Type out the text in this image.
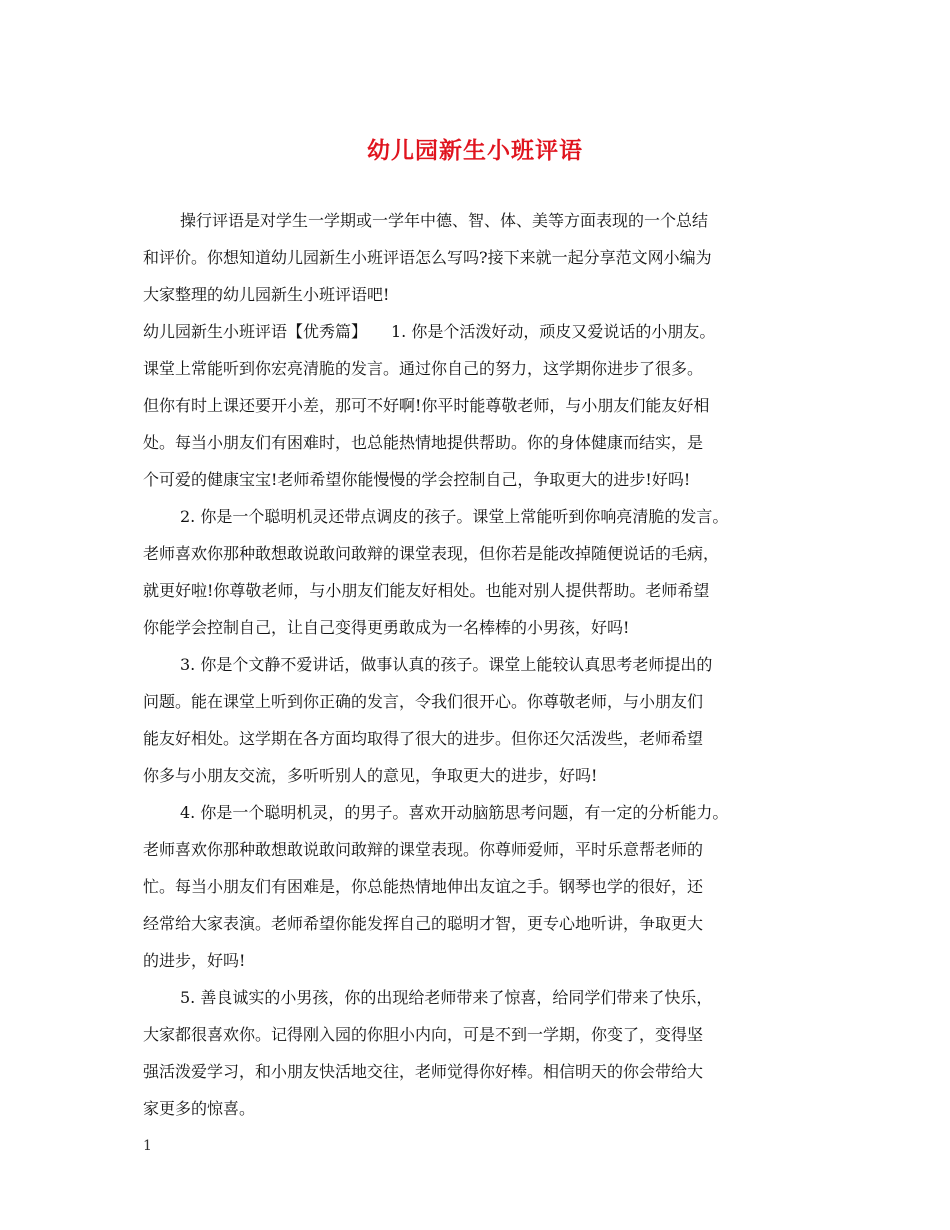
幼儿园新生小班评语
操行评语是对学生一学期或一学年中德、智、体、美等方面表现的一个总结
和评价。你想知道幼儿园新生小班评语怎么写吗?接下来就一起分享范文网小编为
大家整理的幼儿园新生小班评语吧!
幼儿园新生小班评语【优秀篇】　　1. 你是个活泼好动，顽皮又爱说话的小朋友。
课堂上常能听到你宏亮清脆的发言。通过你自己的努力，这学期你进步了很多。
但你有时上课还要开小差，那可不好啊!你平时能尊敬老师，与小朋友们能友好相
处。每当小朋友们有困难时，也总能热情地提供帮助。你的身体健康而结实，是
个可爱的健康宝宝!老师希望你能慢慢的学会控制自己，争取更大的进步!好吗!
2. 你是一个聪明机灵还带点调皮的孩子。课堂上常能听到你响亮清脆的发言。
老师喜欢你那种敢想敢说敢问敢辩的课堂表现，但你若是能改掉随便说话的毛病，
就更好啦!你尊敬老师，与小朋友们能友好相处。也能对别人提供帮助。老师希望
你能学会控制自己，让自己变得更勇敢成为一名棒棒的小男孩，好吗!
3. 你是个文静不爱讲话，做事认真的孩子。课堂上能较认真思考老师提出的
问题。能在课堂上听到你正确的发言，令我们很开心。你尊敬老师，与小朋友们
能友好相处。这学期在各方面均取得了很大的进步。但你还欠活泼些，老师希望
你多与小朋友交流，多听听别人的意见，争取更大的进步，好吗!
4. 你是一个聪明机灵，的男子。喜欢开动脑筋思考问题，有一定的分析能力。
老师喜欢你那种敢想敢说敢问敢辩的课堂表现。你尊师爱师，平时乐意帮老师的
忙。每当小朋友们有困难是，你总能热情地伸出友谊之手。钢琴也学的很好，还
经常给大家表演。老师希望你能发挥自己的聪明才智，更专心地听讲，争取更大
的进步，好吗!
5. 善良诚实的小男孩，你的出现给老师带来了惊喜，给同学们带来了快乐，
大家都很喜欢你。记得刚入园的你胆小内向，可是不到一学期，你变了，变得坚
强活泼爱学习，和小朋友快活地交往，老师觉得你好棒。相信明天的你会带给大
家更多的惊喜。
1
